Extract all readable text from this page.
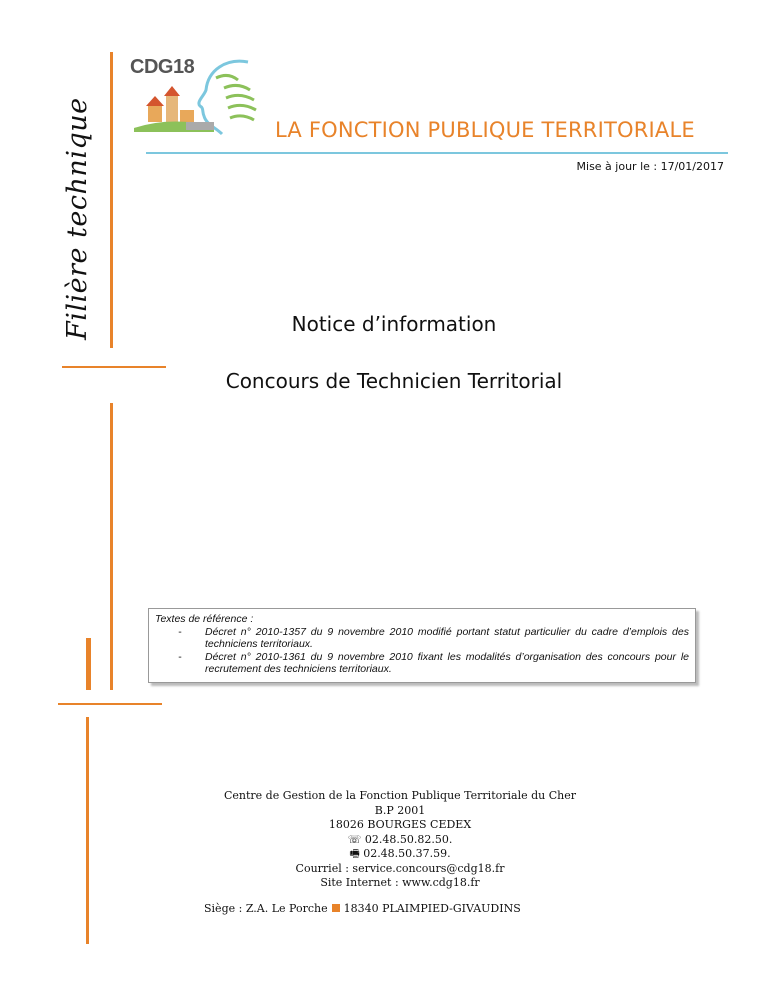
Filière technique
CDG18
LA FONCTION PUBLIQUE TERRITORIALE
Mise à jour le : 17/01/2017
Notice d’information
Concours de Technicien Territorial
Textes de référence :
-	Décret n° 2010-1357 du 9 novembre 2010 modifié portant statut particulier du cadre d’emplois des techniciens territoriaux.
-	Décret n° 2010-1361 du 9 novembre 2010 fixant les modalités d’organisation des concours pour le recrutement des techniciens territoriaux.
Centre de Gestion de la Fonction Publique Territoriale du Cher
B.P 2001
18026 BOURGES CEDEX
☏ 02.48.50.82.50.
🖷 02.48.50.37.59.
Courriel : service.concours@cdg18.fr
Site Internet : www.cdg18.fr
Siège : Z.A. Le Porche 18340 PLAIMPIED-GIVAUDINS
